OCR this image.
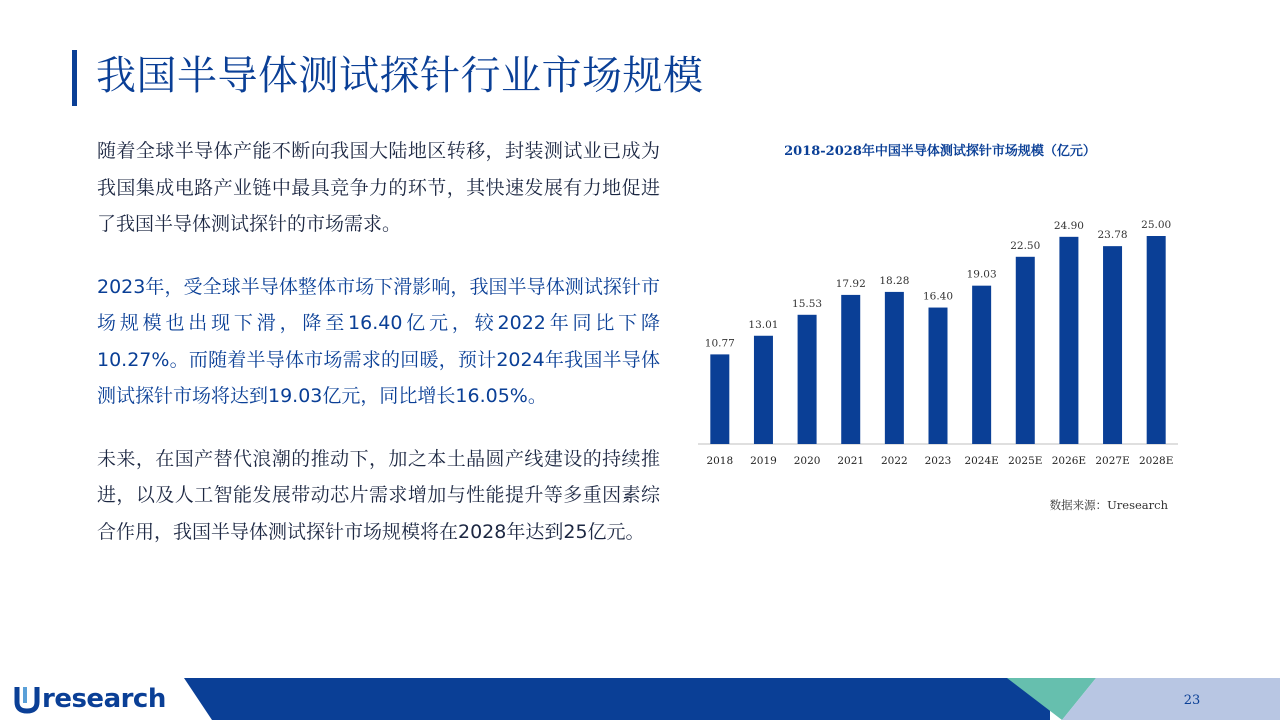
我国半导体测试探针行业市场规模

随着全球半导体产能不断向我国大陆地区转移，封装测试业已成为我国集成电路产业链中最具竞争力的环节，其快速发展有力地促进了我国半导体测试探针的市场需求。

2023年，受全球半导体整体市场下滑影响，我国半导体测试探针市场规模也出现下滑，降至16.40亿元，较2022年同比下降10.27%。而随着半导体市场需求的回暖，预计2024年我国半导体测试探针市场将达到19.03亿元，同比增长16.05%。

未来，在国产替代浪潮的推动下，加之本土晶圆产线建设的持续推进，以及人工智能发展带动芯片需求增加与性能提升等多重因素综合作用，我国半导体测试探针市场规模将在2028年达到25亿元。

2018-2028年中国半导体测试探针市场规模（亿元）

10.77
2018
13.01
2019
15.53
2020
17.92
2021
18.28
2022
16.40
2023
19.03
2024E
22.50
2025E
24.90
2026E
23.78
2027E
25.00
2028E

数据来源：Uresearch

research	23
